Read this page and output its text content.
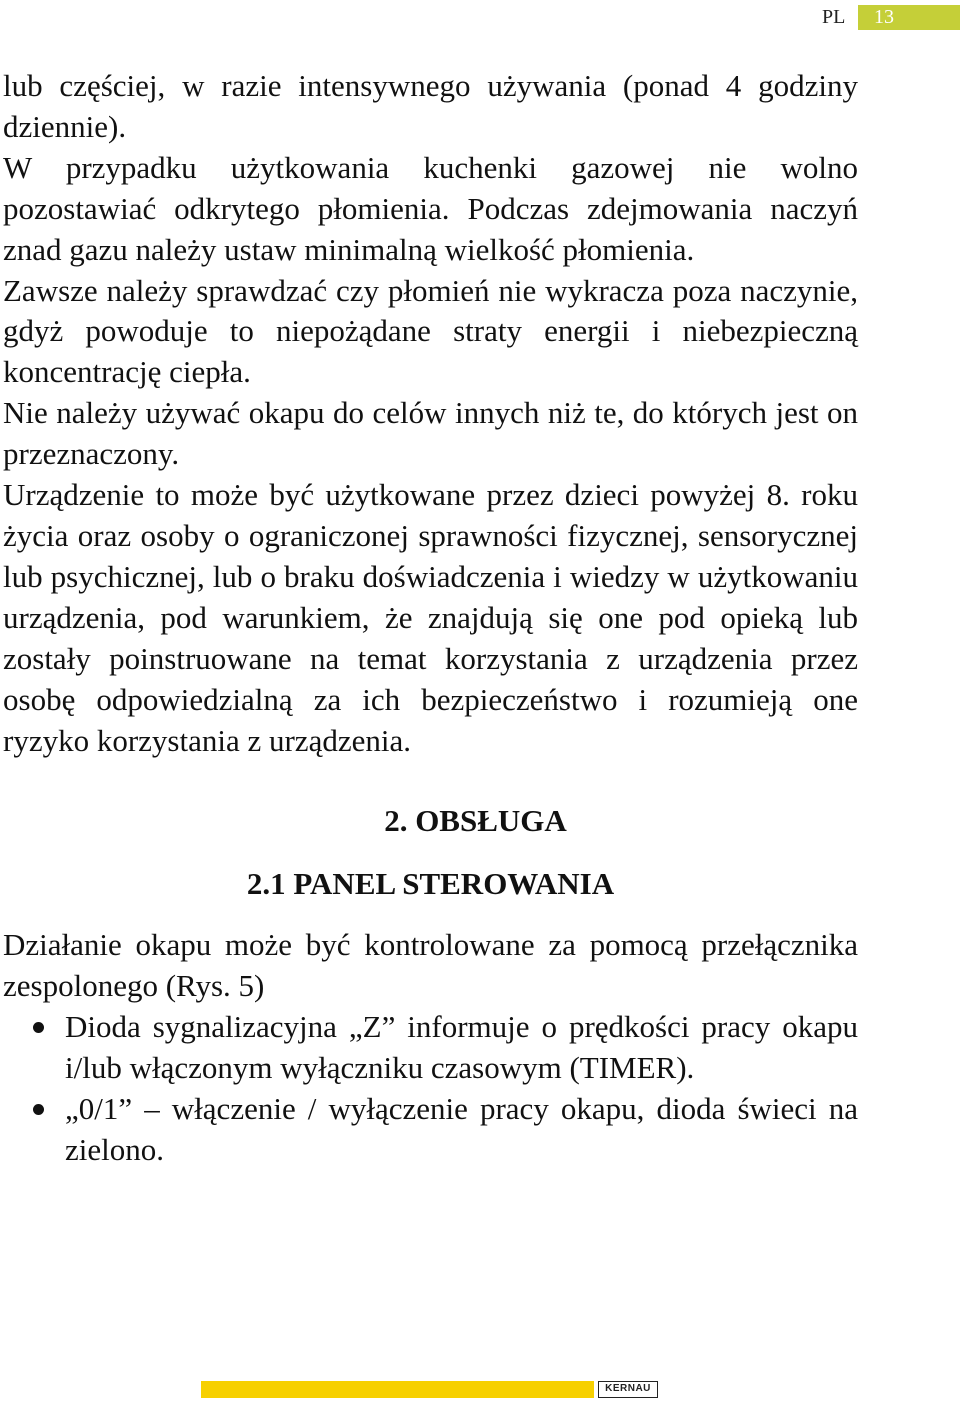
PL	13

lub częściej, w razie intensywnego używania (ponad 4 godziny dziennie).

W przypadku użytkowania kuchenki gazowej nie wolno pozostawiać odkrytego płomienia. Podczas zdejmowania naczyń znad gazu należy ustaw minimalną wielkość płomienia.

Zawsze należy sprawdzać czy płomień nie wykracza poza naczynie, gdyż powoduje to niepożądane straty energii i niebezpieczną koncentrację ciepła.

Nie należy używać okapu do celów innych niż te, do których jest on przeznaczony.

Urządzenie to może być użytkowane przez dzieci powyżej 8. roku życia oraz osoby o ograniczonej sprawności fizycznej, sensorycznej lub psychicznej, lub o braku doświadczenia i wiedzy w użytkowaniu urządzenia, pod warunkiem, że znajdują się one pod opieką lub zostały poinstruowane na temat korzystania z urządzenia przez osobę odpowiedzialną za ich bezpieczeństwo i rozumieją one ryzyko korzystania z urządzenia.

2. OBSŁUGA
2.1 PANEL STEROWANIA

Działanie okapu może być kontrolowane za pomocą przełącznika zespolonego (Rys. 5)

Dioda sygnalizacyjna „Z” informuje o prędkości pracy okapu i/lub włączonym wyłączniku czasowym (TIMER).
„0/1” – włączenie / wyłączenie pracy okapu, dioda świeci na zielono.
KERNAU
